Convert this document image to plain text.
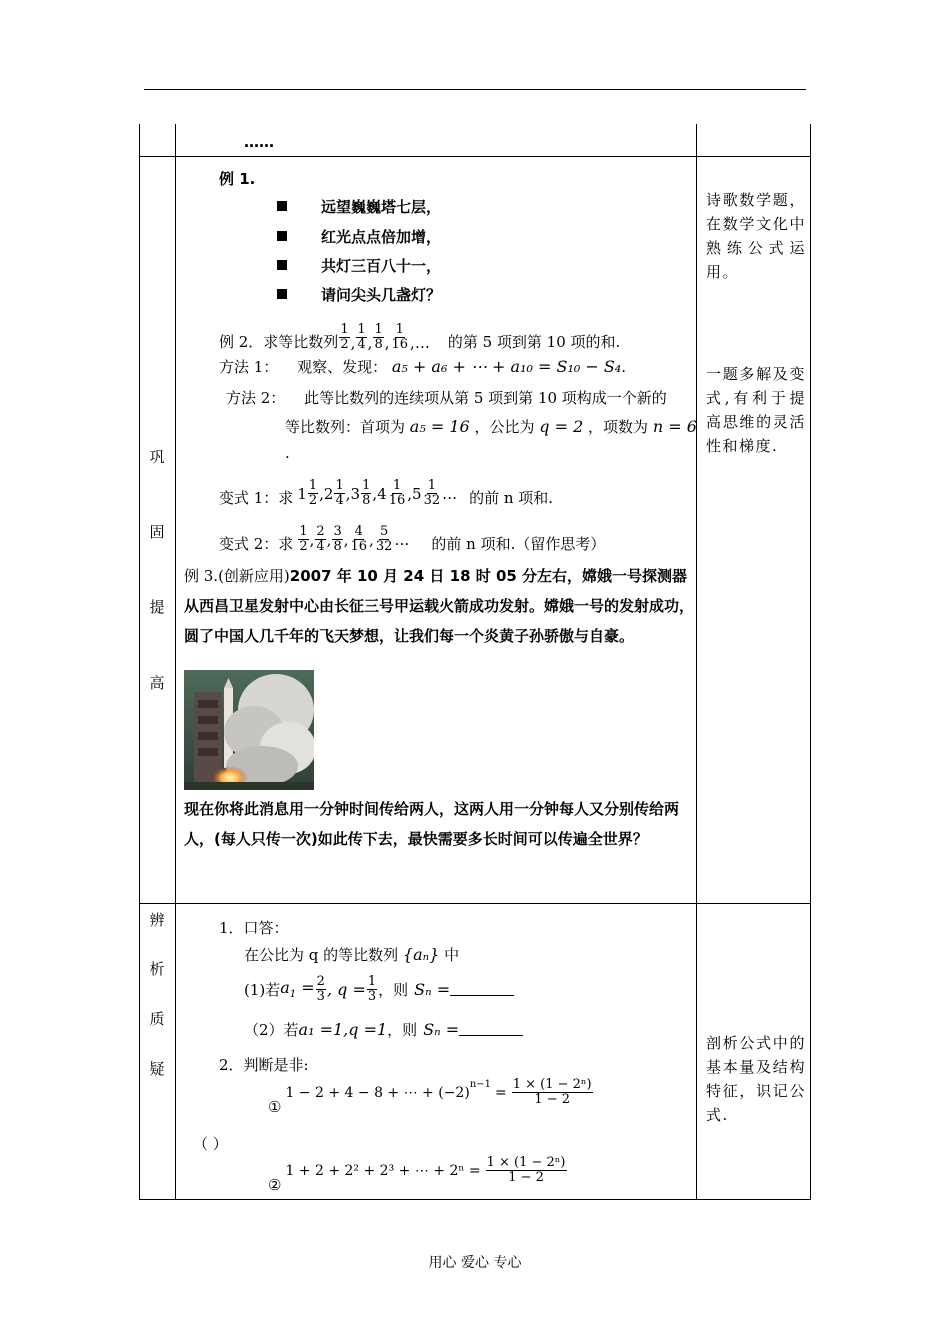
……
巩
固
提
高
例 1.
远望巍巍塔七层，
红光点点倍加增，
共灯三百八十一，
请问尖头几盏灯？
例 2．求等比数列 $\frac{1}{2}$ , $\frac{1}{4}$ , $\frac{1}{8}$ , $\frac{1}{16}$ ,… 的第 5 项到第 10 项的和.
方法 1： 观察、发现： a₅ + a₆ + ⋯ + a₁₀ = S₁₀ − S₄.
方法 2： 此等比数列的连续项从第 5 项到第 10 项构成一个新的
等比数列：首项为 a₅ = 16 ，公比为 q = 2 ，项数为 n = 6
.
变式 1：求 $1 \frac{1}{2}$ , $2 \frac{1}{4}$ , $3 \frac{1}{8}$ , $4 \frac{1}{16}$ , $5 \frac{1}{32}$ … 的前 n 项和.
变式 2：求 $\frac{1}{2}$ , $\frac{2}{4}$ , $\frac{3}{8}$ , $\frac{4}{16}$ , $\frac{5}{32}$ … 的前 n 项和.（留作思考）
例 3.(创新应用)2007 年 10 月 24 日 18 时 05 分左右，嫦娥一号探测器从西昌卫星发射中心由长征三号甲运载火箭成功发射。嫦娥一号的发射成功，圆了中国人几千年的飞天梦想，让我们每一个炎黄子孙骄傲与自豪。
现在你将此消息用一分钟时间传给两人，这两人用一分钟每人又分别传给两人，(每人只传一次)如此传下去，最快需要多长时间可以传遍全世界？
诗歌数学题，在数学文化中熟练公式运用。
一题多解及变式,有利于提高思维的灵活性和梯度.
辨
析
质
疑
1．口答：
在公比为 q 的等比数列 {aₙ} 中
(1)若 $a_1 = \frac{2}{3}$ , $q = \frac{1}{3}$ ，则 Sₙ =
（2）若 a₁ =1,q =1 ，则 Sₙ =
2．判断是非:
①
1 − 2 + 4 − 8 + ⋯ + (−2) $n-1 = \frac{\text{1 × (1 − 2ⁿ)}}{1 - 2}$
（ ）
②
1 + 2 + 2² + 2³ + ⋯ + $2^n = \frac{\text{1 × (1 − 2ⁿ)}}{1 - 2}$
剖析公式中的基本量及结构特征，识记公式.
用心 爱心 专心
